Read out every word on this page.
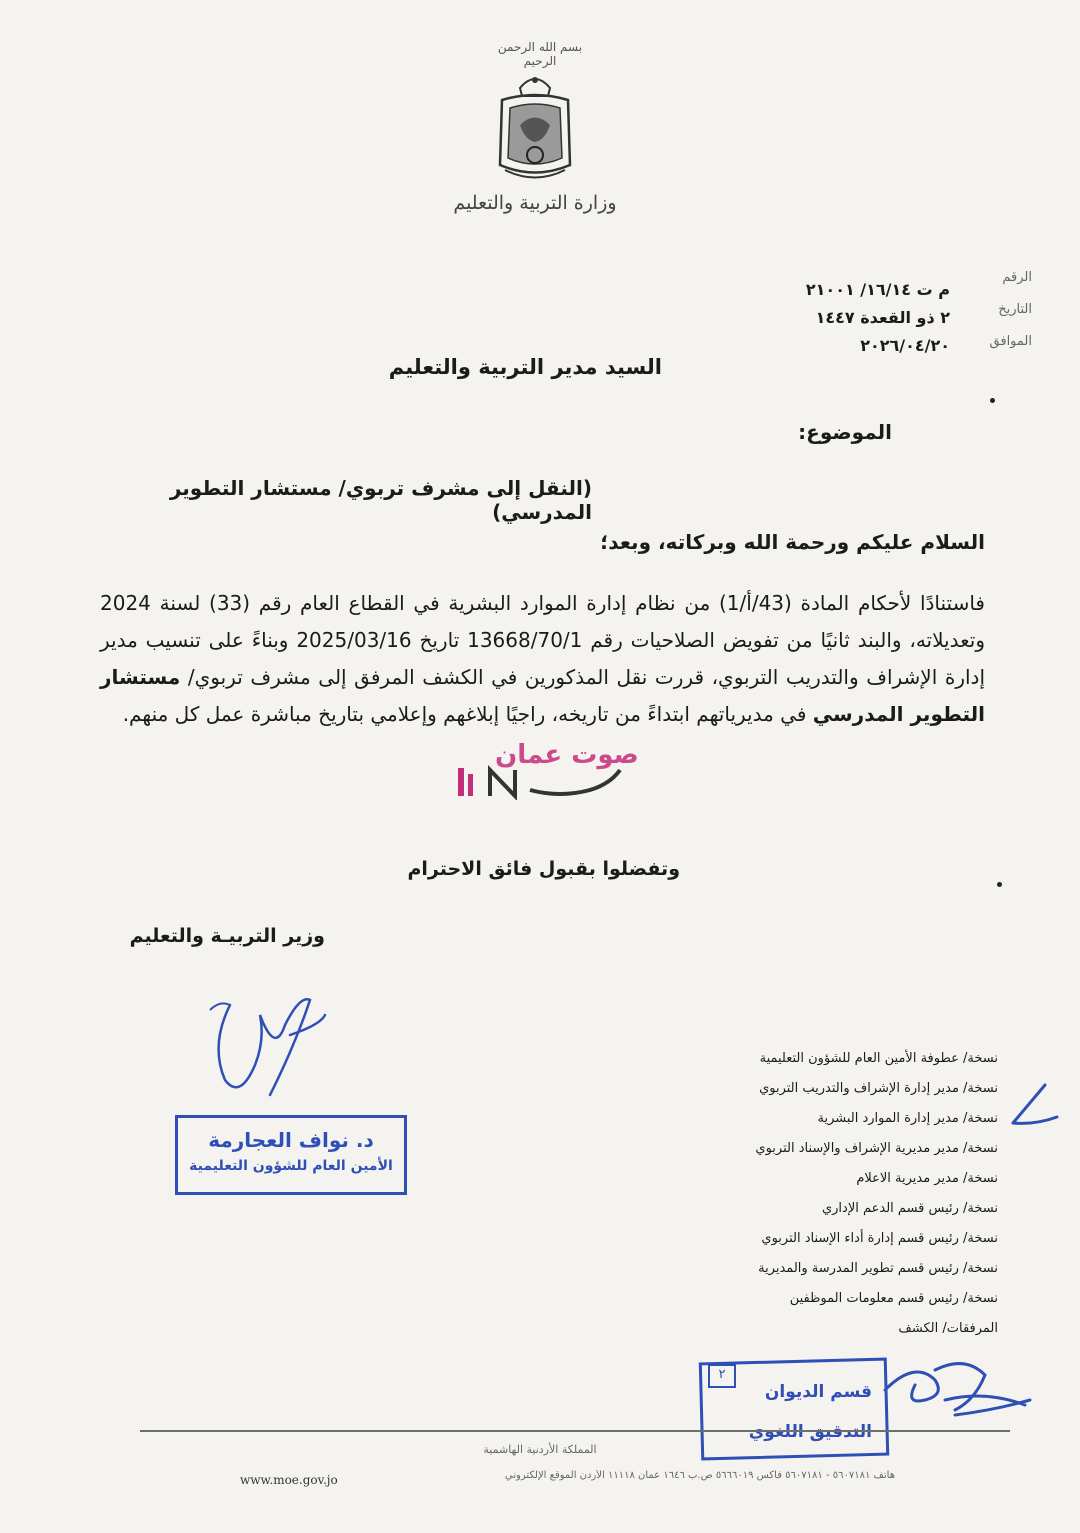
بسم الله الرحمن الرحيم
وزارة التربية والتعليم
الرقم
التاريخ
الموافق
م ت ١٦/١٤/ ٢١٠٠١
٢ ذو القعدة ١٤٤٧
٢٠٢٦/٠٤/٢٠
السيد مدير التربية والتعليم
الموضوع:
(النقل إلى مشرف تربوي/ مستشار التطوير المدرسي)
السلام عليكم ورحمة الله وبركاته، وبعد؛
فاستنادًا لأحكام المادة (43/أ/1) من نظام إدارة الموارد البشرية في القطاع العام رقم (33) لسنة 2024 وتعديلاته، والبند ثانيًا من تفويض الصلاحيات رقم 13668/70/1 تاريخ 2025/03/16 وبناءً على تنسيب مدير إدارة الإشراف والتدريب التربوي، قررت نقل المذكورين في الكشف المرفق إلى مشرف تربوي/ مستشار التطوير المدرسي في مديرياتهم ابتداءً من تاريخه، راجيًا إبلاغهم وإعلامي بتاريخ مباشرة عمل كل منهم.
صوت عمان
وتفضلوا بقبول فائق الاحترام
وزير التربيـة والتعليم
د. نواف العجارمة
الأمين العام للشؤون التعليمية
نسخة/ عطوفة الأمين العام للشؤون التعليمية
نسخة/ مدير إدارة الإشراف والتدريب التربوي
نسخة/ مدير إدارة الموارد البشرية
نسخة/ مدير مديرية الإشراف والإسناد التربوي
نسخة/ مدير مديرية الاعلام
نسخة/ رئيس قسم الدعم الإداري
نسخة/ رئيس قسم إدارة أداء الإسناد التربوي
نسخة/ رئيس قسم تطوير المدرسة والمديرية
نسخة/ رئيس قسم معلومات الموظفين
المرفقات/ الكشف
٢
قسم الديوان
التدقيق اللغوي
المملكة الأردنية الهاشمية
هاتف ٥٦٠٧١٨١ - ٥٦٠٧١٨١ فاكس ٥٦٦٦٠١٩ ص.ب ١٦٤٦ عمان ١١١١٨ الأردن الموقع الإلكتروني
www.moe.gov.jo
